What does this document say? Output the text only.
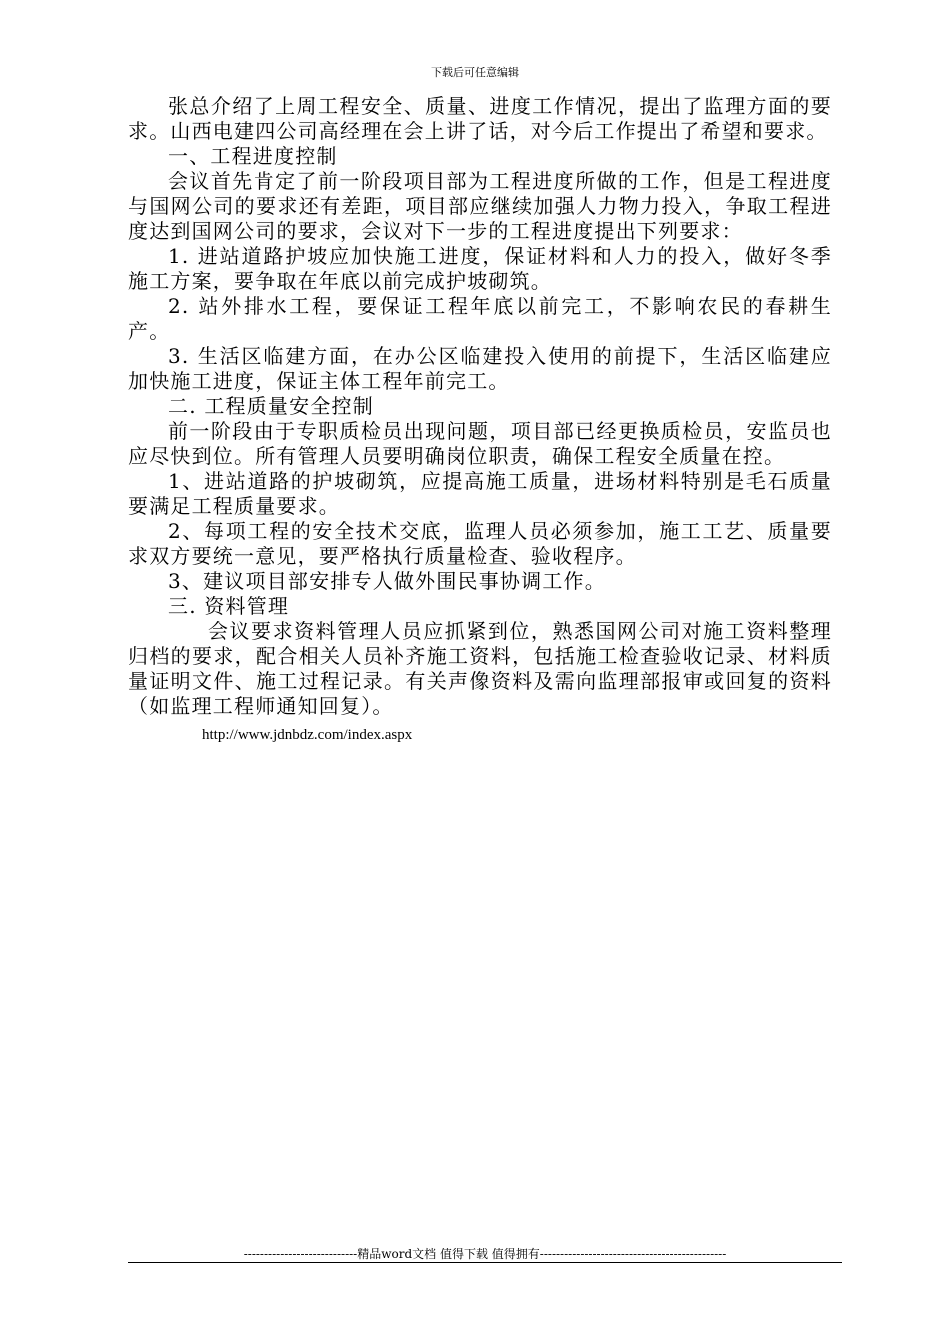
下载后可任意编辑

张总介绍了上周工程安全、质量、进度工作情况，提出了监理方面的要求。山西电建四公司高经理在会上讲了话，对今后工作提出了希望和要求。

一、工程进度控制

会议首先肯定了前一阶段项目部为工程进度所做的工作，但是工程进度与国网公司的要求还有差距，项目部应继续加强人力物力投入，争取工程进度达到国网公司的要求，会议对下一步的工程进度提出下列要求：

1. 进站道路护坡应加快施工进度，保证材料和人力的投入，做好冬季施工方案，要争取在年底以前完成护坡砌筑。

2. 站外排水工程，要保证工程年底以前完工，不影响农民的春耕生产。

3. 生活区临建方面，在办公区临建投入使用的前提下，生活区临建应加快施工进度，保证主体工程年前完工。

二. 工程质量安全控制

前一阶段由于专职质检员出现问题，项目部已经更换质检员，安监员也应尽快到位。所有管理人员要明确岗位职责，确保工程安全质量在控。

1、进站道路的护坡砌筑，应提高施工质量，进场材料特别是毛石质量要满足工程质量要求。

2、每项工程的安全技术交底，监理人员必须参加，施工工艺、质量要求双方要统一意见，要严格执行质量检查、验收程序。

3、建议项目部安排专人做外围民事协调工作。

三. 资料管理

会议要求资料管理人员应抓紧到位，熟悉国网公司对施工资料整理归档的要求，配合相关人员补齐施工资料，包括施工检查验收记录、材料质量证明文件、施工过程记录。有关声像资料及需向监理部报审或回复的资料（如监理工程师通知回复）。

http://www.jdnbdz.com/index.aspx

----------------------------精品word文档 值得下载 值得拥有----------------------------------------------
